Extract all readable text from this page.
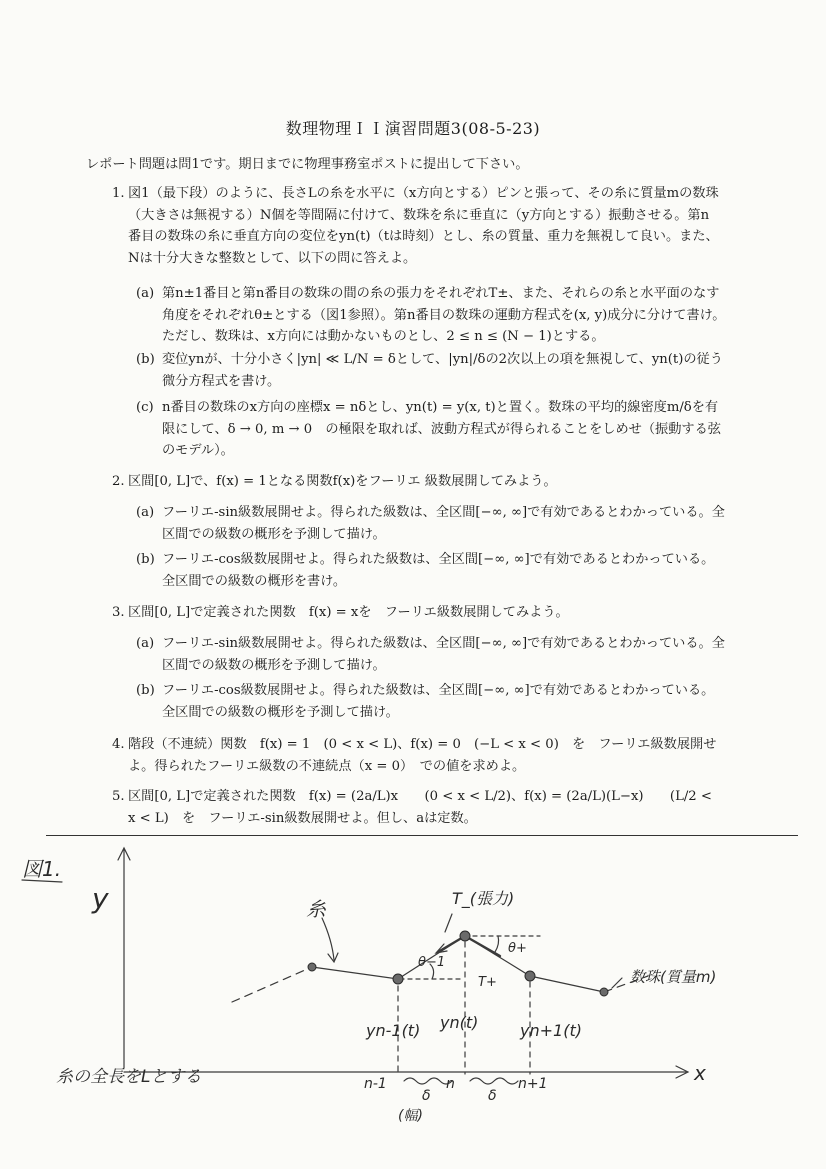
数理物理ＩＩ演習問題3(08-5-23)
レポート問題は問1です。期日までに物理事務室ポストに提出して下さい。
1. 図1（最下段）のように、長さLの糸を水平に（x方向とする）ピンと張って、その糸に質量mの数珠（大きさは無視する）N個を等間隔に付けて、数珠を糸に垂直に（y方向とする）振動させる。第n番目の数珠の糸に垂直方向の変位をyn(t)（tは時刻）とし、糸の質量、重力を無視して良い。また、Nは十分大きな整数として、以下の問に答えよ。
(a) 第n±1番目と第n番目の数珠の間の糸の張力をそれぞれT±、また、それらの糸と水平面のなす角度をそれぞれθ±とする（図1参照）。第n番目の数珠の運動方程式を(x, y)成分に分けて書け。ただし、数珠は、x方向には動かないものとし、2 ≤ n ≤ (N − 1)とする。
(b) 変位ynが、十分小さく|yn| ≪ L/N = δとして、|yn|/δの2次以上の項を無視して、yn(t)の従う微分方程式を書け。
(c) n番目の数珠のx方向の座標x = nδとし、yn(t) = y(x, t)と置く。数珠の平均的線密度m/δを有限にして、δ → 0, m → 0　の極限を取れば、波動方程式が得られることをしめせ（振動する弦のモデル）。
2. 区間[0, L]で、f(x) = 1となる関数f(x)をフーリエ 級数展開してみよう。
(a) フーリエ-sin級数展開せよ。得られた級数は、全区間[−∞, ∞]で有効であるとわかっている。全区間での級数の概形を予測して描け。
(b) フーリエ-cos級数展開せよ。得られた級数は、全区間[−∞, ∞]で有効であるとわかっている。全区間での級数の概形を書け。
3. 区間[0, L]で定義された関数　f(x) = xを　フーリエ級数展開してみよう。
(a) フーリエ-sin級数展開せよ。得られた級数は、全区間[−∞, ∞]で有効であるとわかっている。全区間での級数の概形を予測して描け。
(b) フーリエ-cos級数展開せよ。得られた級数は、全区間[−∞, ∞]で有効であるとわかっている。全区間での級数の概形を予測して描け。
4. 階段（不連続）関数　f(x) = 1　(0 < x < L)、f(x) = 0　(−L < x < 0)　を　フーリエ級数展開せよ。得られたフーリエ級数の不連続点（x = 0）　での値を求めよ。
5. 区間[0, L]で定義された関数　f(x) = (2a/L)x　　(0 < x < L/2)、f(x) = (2a/L)(L−x)　　(L/2 < x < L)　を　フーリエ-sin級数展開せよ。但し、aは定数。
図1.
y
x
糸	T_(張力)
θ−1
θ+
T+	数珠(質量m)
yn-1(t) yn(t)	yn+1(t)
n-1	n	n+1
δ	δ
(幅)
糸の全長をLとする
